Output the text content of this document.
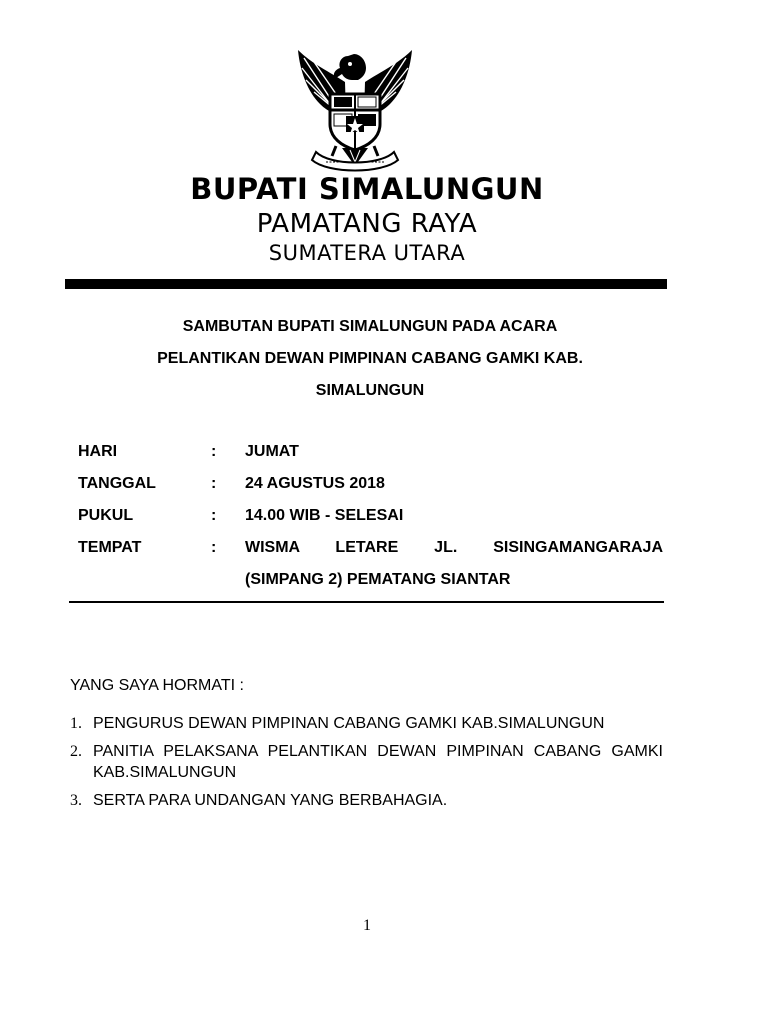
BUPATI SIMALUNGUN
PAMATANG RAYA
SUMATERA UTARA
SAMBUTAN BUPATI SIMALUNGUN PADA ACARA
PELANTIKAN DEWAN PIMPINAN CABANG GAMKI KAB.
SIMALUNGUN
HARI	: JUMAT
TANGGAL	: 24 AGUSTUS 2018
PUKUL	: 14.00 WIB - SELESAI
TEMPAT	: WISMA LETARE JL. SISINGAMANGARAJA
(SIMPANG 2) PEMATANG SIANTAR
YANG SAYA HORMATI :
1. PENGURUS DEWAN PIMPINAN CABANG GAMKI KAB.SIMALUNGUN
2. PANITIA PELAKSANA PELANTIKAN DEWAN PIMPINAN CABANG GAMKI KAB.SIMALUNGUN
3. SERTA PARA UNDANGAN YANG BERBAHAGIA.
1
